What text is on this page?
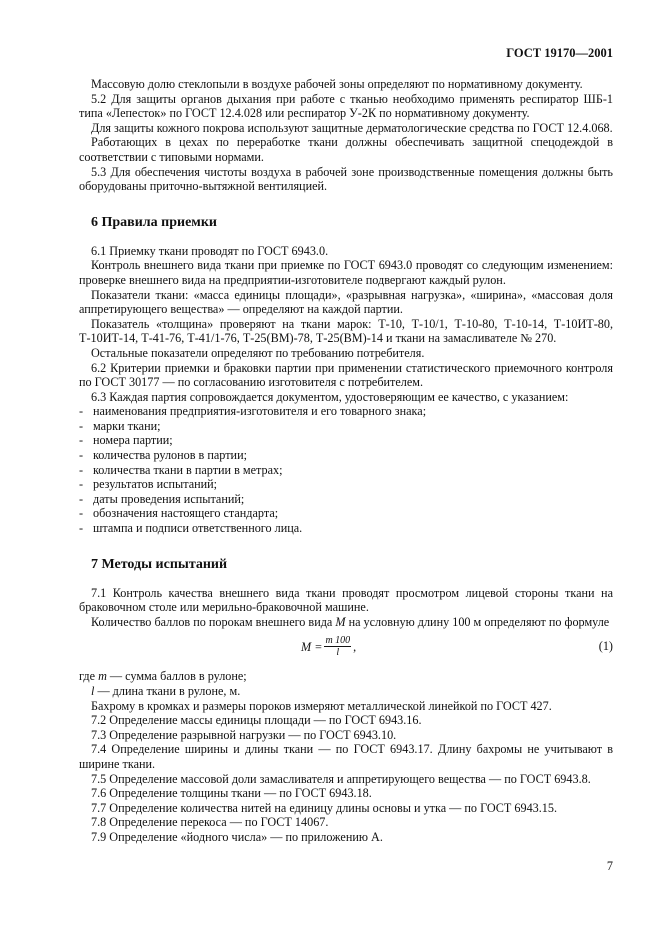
ГОСТ 19170—2001

Массовую долю стеклопыли в воздухе рабочей зоны определяют по нормативному документу.

5.2 Для защиты органов дыхания при работе с тканью необходимо применять респиратор ШБ-1 типа «Лепесток» по ГОСТ 12.4.028 или респиратор У-2К по нормативному документу.

Для защиты кожного покрова используют защитные дерматологические средства по ГОСТ 12.4.068.

Работающих в цехах по переработке ткани должны обеспечивать защитной спецодеждой в соответствии с типовыми нормами.

5.3 Для обеспечения чистоты воздуха в рабочей зоне производственные помещения должны быть оборудованы приточно-вытяжной вентиляцией.

6 Правила приемки

6.1 Приемку ткани проводят по ГОСТ 6943.0.

Контроль внешнего вида ткани при приемке по ГОСТ 6943.0 проводят со следующим изменением: проверке внешнего вида на предприятии-изготовителе подвергают каждый рулон.

Показатели ткани: «масса единицы площади», «разрывная нагрузка», «ширина», «массовая доля аппретирующего вещества» — определяют на каждой партии.

Показатель «толщина» проверяют на ткани марок: Т-10, Т-10/1, Т-10-80, Т-10-14, Т-10ИТ-80, Т-10ИТ-14, Т-41-76, Т-41/1-76, Т-25(ВМ)-78, Т-25(ВМ)-14 и ткани на замасливателе № 270.

Остальные показатели определяют по требованию потребителя.

6.2 Критерии приемки и браковки партии при применении статистического приемочного контроля по ГОСТ 30177 — по согласованию изготовителя с потребителем.

6.3 Каждая партия сопровождается документом, удостоверяющим ее качество, с указанием:

- наименования предприятия-изготовителя и его товарного знака;
- марки ткани;
- номера партии;
- количества рулонов в партии;
- количества ткани в партии в метрах;
- результатов испытаний;
- даты проведения испытаний;
- обозначения настоящего стандарта;
- штампа и подписи ответственного лица.
7 Методы испытаний

7.1 Контроль качества внешнего вида ткани проводят просмотром лицевой стороны ткани на браковочном столе или мерильно-браковочной машине.

Количество баллов по порокам внешнего вида M на условную длину 100 м определяют по формуле

$M = \frac{m 100}{l}$ ,	(1)
где m — сумма баллов в рулоне;
l — длина ткани в рулоне, м.

Бахрому в кромках и размеры пороков измеряют металлической линейкой по ГОСТ 427.

7.2 Определение массы единицы площади — по ГОСТ 6943.16.

7.3 Определение разрывной нагрузки — по ГОСТ 6943.10.

7.4 Определение ширины и длины ткани — по ГОСТ 6943.17. Длину бахромы не учитывают в ширине ткани.

7.5 Определение массовой доли замасливателя и аппретирующего вещества — по ГОСТ 6943.8.

7.6 Определение толщины ткани — по ГОСТ 6943.18.

7.7 Определение количества нитей на единицу длины основы и утка — по ГОСТ 6943.15.

7.8 Определение перекоса — по ГОСТ 14067.

7.9 Определение «йодного числа» — по приложению А.

7
